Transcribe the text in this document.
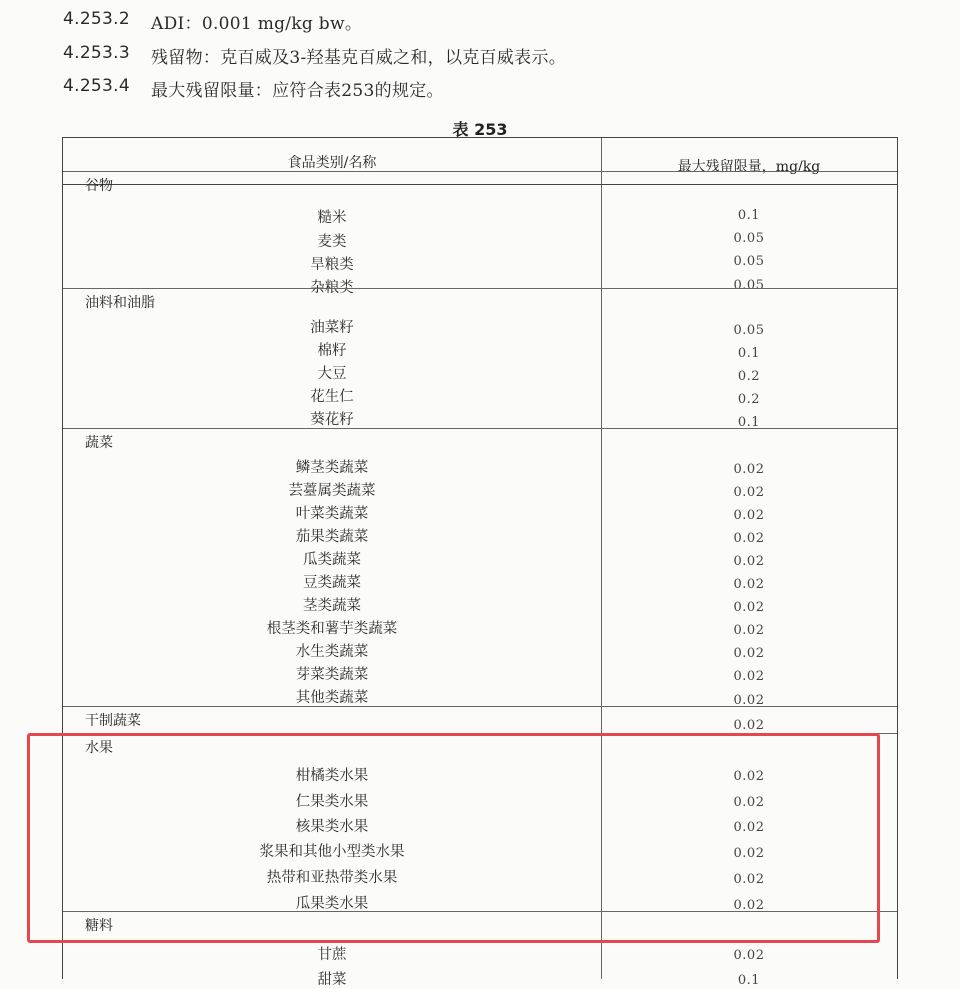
4.253.2 ADI：0.001 mg/kg bw。
4.253.3 残留物：克百威及3-羟基克百威之和，以克百威表示。
4.253.4 最大残留限量：应符合表253的规定。
表 253
食品类别/名称	最大残留限量，mg/kg
谷物
糙米	0.1
麦类	0.05
旱粮类	0.05
杂粮类	0.05
油料和油脂
油菜籽	0.05
棉籽	0.1
大豆	0.2
花生仁	0.2
葵花籽	0.1
蔬菜
鳞茎类蔬菜	0.02
芸薹属类蔬菜	0.02
叶菜类蔬菜	0.02
茄果类蔬菜	0.02
瓜类蔬菜	0.02
豆类蔬菜	0.02
茎类蔬菜	0.02
根茎类和薯芋类蔬菜	0.02
水生类蔬菜	0.02
芽菜类蔬菜	0.02
其他类蔬菜	0.02
干制蔬菜	0.02
水果
柑橘类水果	0.02
仁果类水果	0.02
核果类水果	0.02
浆果和其他小型类水果	0.02
热带和亚热带类水果	0.02
瓜果类水果	0.02
糖料
甘蔗	0.02
甜菜	0.1
